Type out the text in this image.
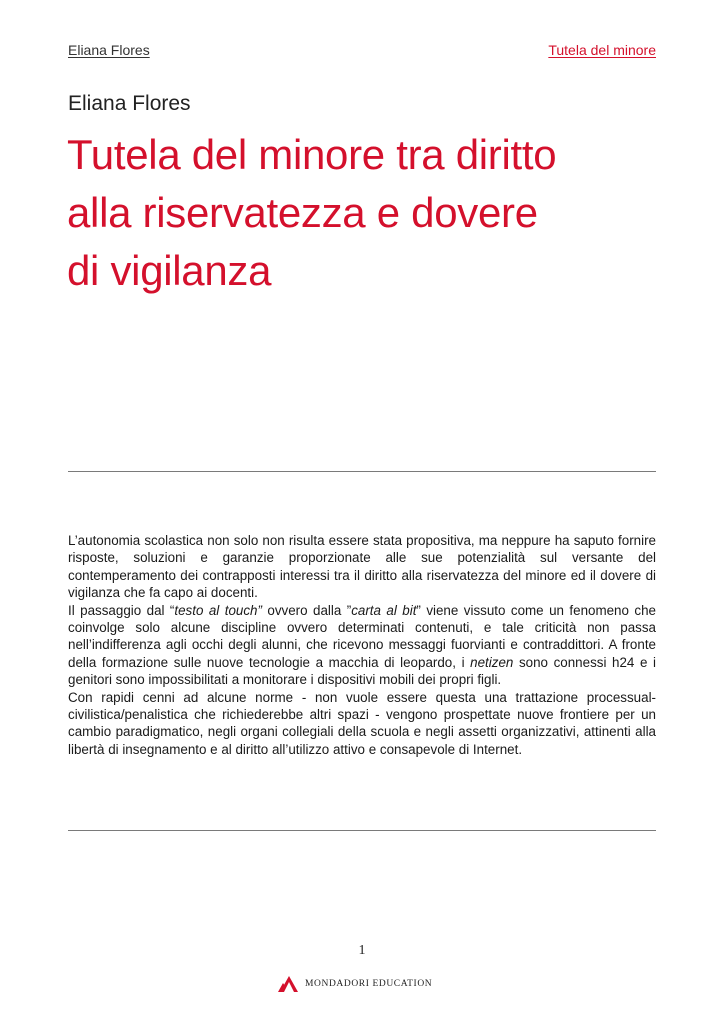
Eliana Flores	Tutela del minore
Eliana Flores
Tutela del minore tra diritto
alla riservatezza e dovere
di vigilanza

L’autonomia scolastica non solo non risulta essere stata propositiva, ma neppure ha saputo fornire risposte, soluzioni e garanzie proporzionate alle sue potenzialità sul versante del contemperamento dei contrapposti interessi tra il diritto alla riservatezza del minore ed il dovere di vigilanza che fa capo ai docenti.

Il passaggio dal “testo al touch” ovvero dalla ”carta al bit” viene vissuto come un fenomeno che coinvolge solo alcune discipline ovvero determinati contenuti, e tale criticità non passa nell’indifferenza agli occhi degli alunni, che ricevono messaggi fuorvianti e contraddittori. A fronte della formazione sulle nuove tecnologie a macchia di leopardo, i netizen sono connessi h24 e i genitori sono impossibilitati a monitorare i dispositivi mobili dei propri figli.

Con rapidi cenni ad alcune norme - non vuole essere questa una trattazione processual-civilistica/penalistica che richiederebbe altri spazi - vengono prospettate nuove frontiere per un cambio paradigmatico, negli organi collegiali della scuola e negli assetti organizzativi, attinenti alla libertà di insegnamento e al diritto all’utilizzo attivo e consapevole di Internet.

1
MONDADORI EDUCATION
